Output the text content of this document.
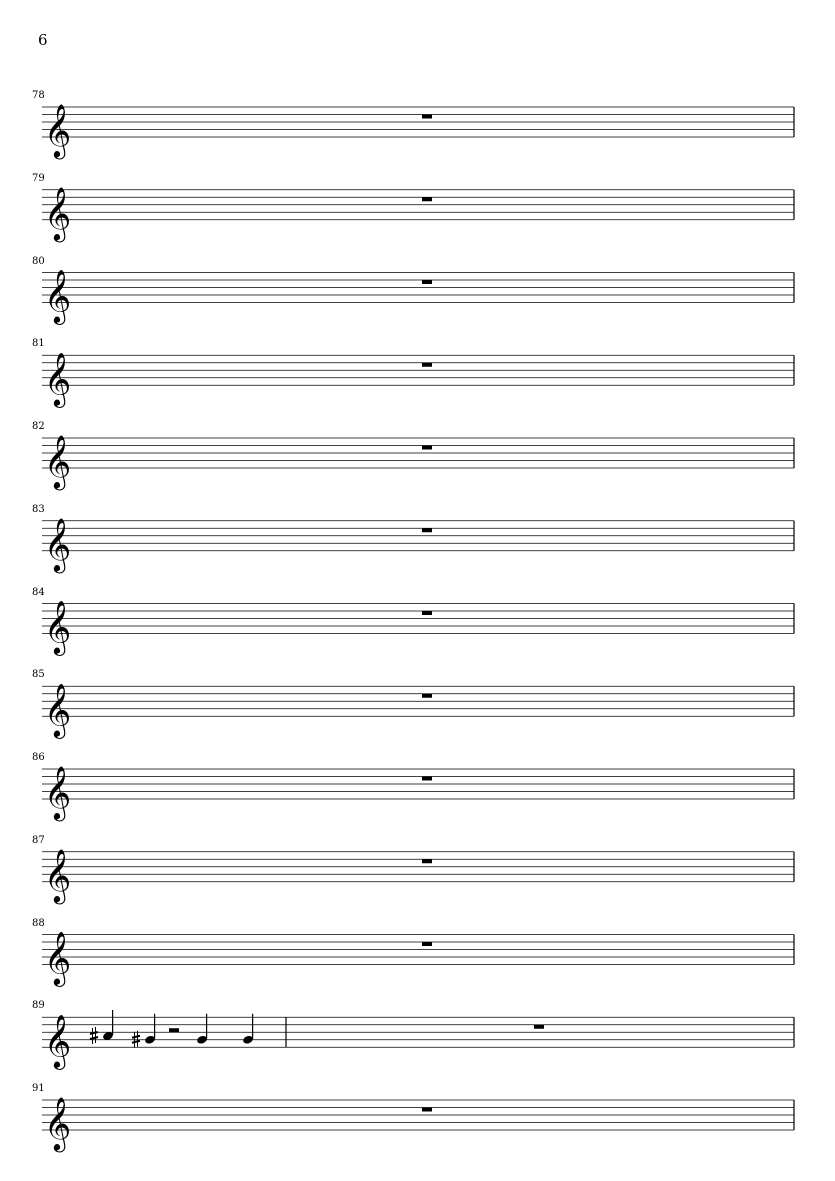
6
78
𝄞
79
𝄞
80
𝄞
81
𝄞
82
𝄞
83
𝄞
84
𝄞
85
𝄞
86
𝄞
87
𝄞
88
𝄞
89
𝄞
91
𝄞
